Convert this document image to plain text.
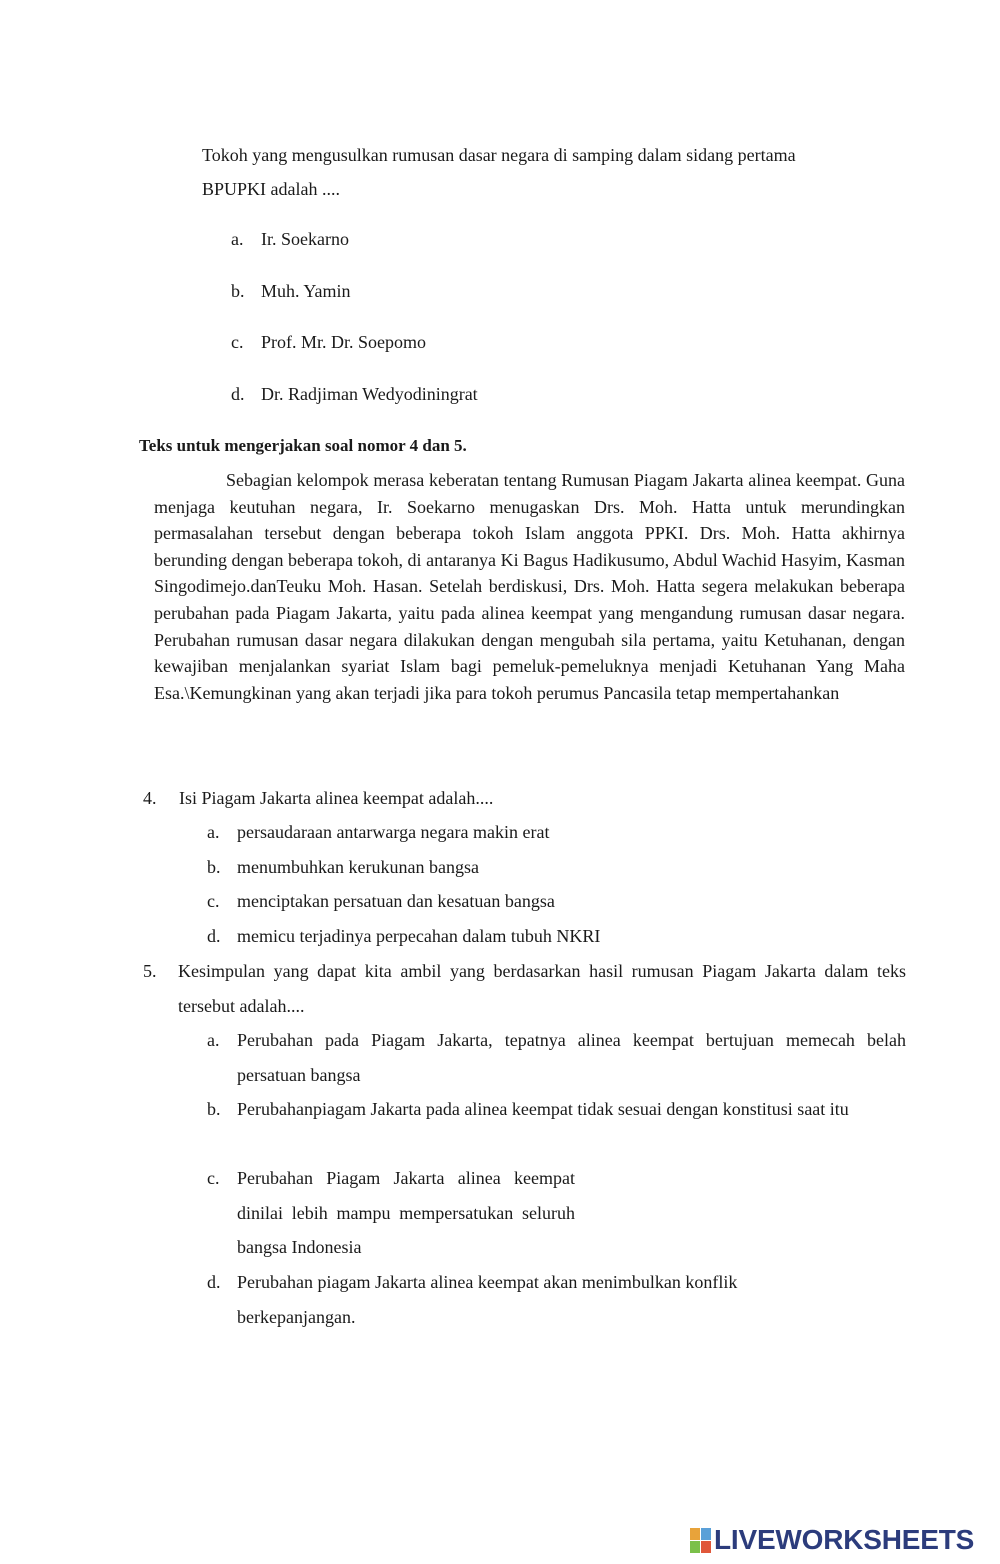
Tokoh yang mengusulkan rumusan dasar negara di samping dalam sidang pertama
BPUPKI adalah ....
a. Ir. Soekarno
b. Muh. Yamin
c. Prof. Mr. Dr. Soepomo
d. Dr. Radjiman Wedyodiningrat
Teks untuk mengerjakan soal nomor 4 dan 5.
Sebagian kelompok merasa keberatan tentang Rumusan Piagam Jakarta alinea keempat. Guna menjaga keutuhan negara, Ir. Soekarno menugaskan Drs. Moh. Hatta untuk merundingkan permasalahan tersebut dengan beberapa tokoh Islam anggota PPKI. Drs. Moh. Hatta akhirnya berunding dengan beberapa tokoh, di antaranya Ki Bagus Hadikusumo, Abdul Wachid Hasyim, Kasman Singodimejo.danTeuku Moh. Hasan. Setelah berdiskusi, Drs. Moh. Hatta segera melakukan beberapa perubahan pada Piagam Jakarta, yaitu pada alinea keempat yang mengandung rumusan dasar negara. Perubahan rumusan dasar negara dilakukan dengan mengubah sila pertama, yaitu Ketuhanan, dengan kewajiban menjalankan syariat Islam bagi pemeluk-pemeluknya menjadi Ketuhanan Yang Maha Esa.\Kemungkinan yang akan terjadi jika para tokoh perumus Pancasila tetap mempertahankan
4. Isi Piagam Jakarta alinea keempat adalah....
a. persaudaraan antarwarga negara makin erat
b. menumbuhkan kerukunan bangsa
c. menciptakan persatuan dan kesatuan bangsa
d. memicu terjadinya perpecahan dalam tubuh NKRI
5. Kesimpulan yang dapat kita ambil yang berdasarkan hasil rumusan Piagam Jakarta dalam teks tersebut adalah....
a. Perubahan pada Piagam Jakarta, tepatnya alinea keempat bertujuan memecah belah persatuan bangsa
b. Perubahanpiagam Jakarta pada alinea keempat tidak sesuai dengan konstitusi saat itu
c. Perubahan Piagam Jakarta alinea keempat dinilai lebih mampu mempersatukan seluruh bangsa Indonesia
d. Perubahan piagam Jakarta alinea keempat akan menimbulkan konflik berkepanjangan.
LIVEWORKSHEETS
